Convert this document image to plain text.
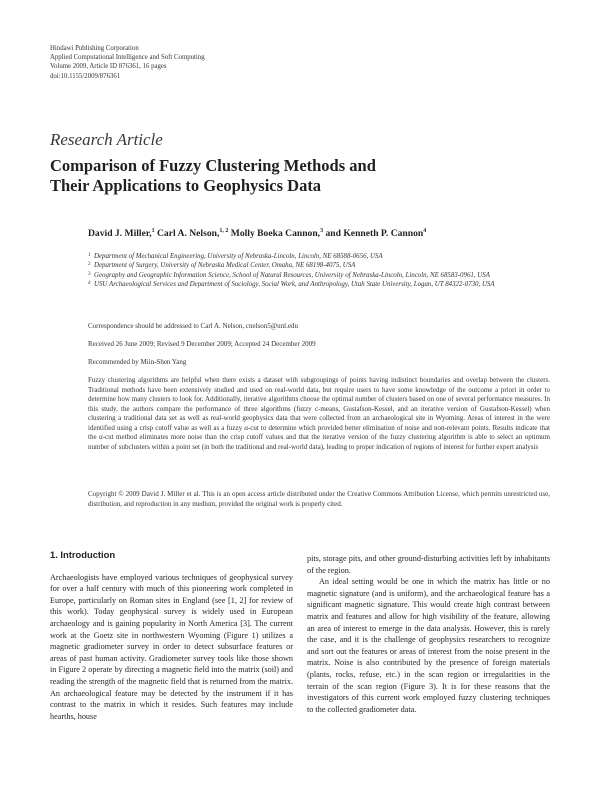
Hindawi Publishing Corporation
Applied Computational Intelligence and Soft Computing
Volume 2009, Article ID 876361, 16 pages
doi:10.1155/2009/876361
Research Article
Comparison of Fuzzy Clustering Methods and
Their Applications to Geophysics Data
David J. Miller,$^1$ Carl A. Nelson,$^{1, 2}$ Molly Boeka Cannon,$^3$ and Kenneth P. Cannon$^4$
1 Department of Mechanical Engineering, University of Nebraska-Lincoln, Lincoln, NE 68588-0656, USA
2 Department of Surgery, University of Nebraska Medical Center, Omaha, NE 68198-4075, USA
3 Geography and Geographic Information Science, School of Natural Resources, University of Nebraska-Lincoln, Lincoln, NE 68583-0961, USA
4 USU Archaeological Services and Department of Sociology, Social Work, and Anthropology, Utah State University, Logan, UT 84322-0730, USA
Correspondence should be addressed to Carl A. Nelson, cnelson5@unl.edu
Received 26 June 2009; Revised 9 December 2009; Accepted 24 December 2009
Recommended by Miin-Shen Yang
Fuzzy clustering algorithms are helpful when there exists a dataset with subgroupings of points having indistinct boundaries and overlap between the clusters. Traditional methods have been extensively studied and used on real-world data, but require users to have some knowledge of the outcome a priori in order to determine how many clusters to look for. Additionally, iterative algorithms choose the optimal number of clusters based on one of several performance measures. In this study, the authors compare the performance of three algorithms (fuzzy c-means, Gustafson-Kessel, and an iterative version of Gustafson-Kessel) when clustering a traditional data set as well as real-world geophysics data that were collected from an archaeological site in Wyoming. Areas of interest in the were identified using a crisp cutoff value as well as a fuzzy α-cut to determine which provided better elimination of noise and non-relevant points. Results indicate that the α-cut method eliminates more noise than the crisp cutoff values and that the iterative version of the fuzzy clustering algorithm is able to select an optimum number of subclusters within a point set (in both the traditional and real-world data), leading to proper indication of regions of interest for further expert analysis
Copyright © 2009 David J. Miller et al. This is an open access article distributed under the Creative Commons Attribution License, which permits unrestricted use, distribution, and reproduction in any medium, provided the original work is properly cited.
1. Introduction

Archaeologists have employed various techniques of geophysical survey for over a half century with much of this pioneering work completed in Europe, particularly on Roman sites in England (see [1, 2] for review of this work). Today geophysical survey is widely used in European archaeology and is gaining popularity in North America [3]. The current work at the Goetz site in northwestern Wyoming (Figure 1) utilizes a magnetic gradiometer survey in order to detect subsurface features or areas of past human activity. Gradiometer survey tools like those shown in Figure 2 operate by directing a magnetic field into the matrix (soil) and reading the strength of the magnetic field that is returned from the matrix. An archaeological feature may be detected by the instrument if it has contrast to the matrix in which it resides. Such features may include hearths, house

pits, storage pits, and other ground-disturbing activities left by inhabitants of the region.

An ideal setting would be one in which the matrix has little or no magnetic signature (and is uniform), and the archaeological feature has a significant magnetic signature. This would create high contrast between matrix and features and allow for high visibility of the feature, allowing an area of interest to emerge in the data analysis. However, this is rarely the case, and it is the challenge of geophysics researchers to recognize and sort out the features or areas of interest from the noise present in the matrix. Noise is also contributed by the presence of foreign materials (plants, rocks, refuse, etc.) in the scan region or irregularities in the terrain of the scan region (Figure 3). It is for these reasons that the investigators of this current work employed fuzzy clustering techniques to the collected gradiometer data.
